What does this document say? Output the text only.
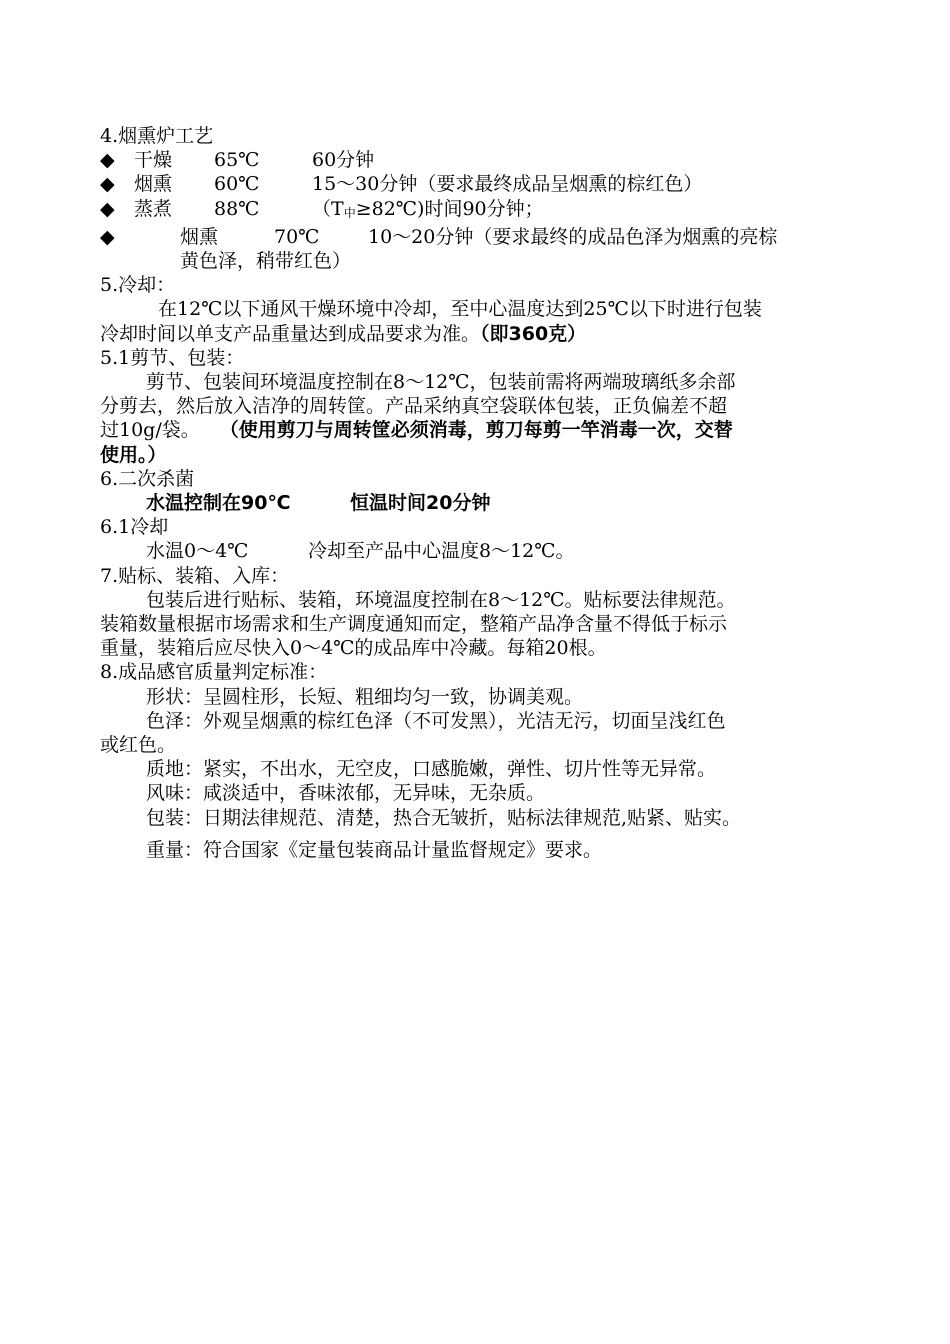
4.烟熏炉工艺

◆	干燥	65℃	60分钟
◆	烟熏	60℃	15～30分钟（要求最终成品呈烟熏的棕红色）
◆	蒸煮	88℃	$(T_中\ge 82℃)$时间90分钟；
◆	烟熏	70℃	10～20分钟（要求最终的成品色泽为烟熏的亮棕

黄色泽，稍带红色）

5.冷却：

在12℃以下通风干燥环境中冷却，至中心温度达到25℃以下时进行包装

冷却时间以单支产品重量达到成品要求为准。（即360克）

5.1剪节、包装：

剪节、包装间环境温度控制在8～12℃，包装前需将两端玻璃纸多余部

分剪去，然后放入洁净的周转筐。产品采纳真空袋联体包装，正负偏差不超

过10g/袋。 （使用剪刀与周转筐必须消毒，剪刀每剪一竿消毒一次，交替

使用。）

6.二次杀菌

水温控制在90℃	恒温时间20分钟

6.1冷却

水温0～4℃	冷却至产品中心温度8～12℃。

7.贴标、装箱、入库：

包装后进行贴标、装箱，环境温度控制在8～12℃。贴标要法律规范。

装箱数量根据市场需求和生产调度通知而定，整箱产品净含量不得低于标示

重量，装箱后应尽快入0～4℃的成品库中冷藏。每箱20根。

8.成品感官质量判定标准：

形状：呈圆柱形，长短、粗细均匀一致，协调美观。

色泽：外观呈烟熏的棕红色泽（不可发黑），光洁无污，切面呈浅红色

或红色。

质地：紧实，不出水，无空皮，口感脆嫩，弹性、切片性等无异常。

风味：咸淡适中，香味浓郁，无异味，无杂质。

包装：日期法律规范、清楚，热合无皱折，贴标法律规范,贴紧、贴实。

重量：符合国家《定量包装商品计量监督规定》要求。
